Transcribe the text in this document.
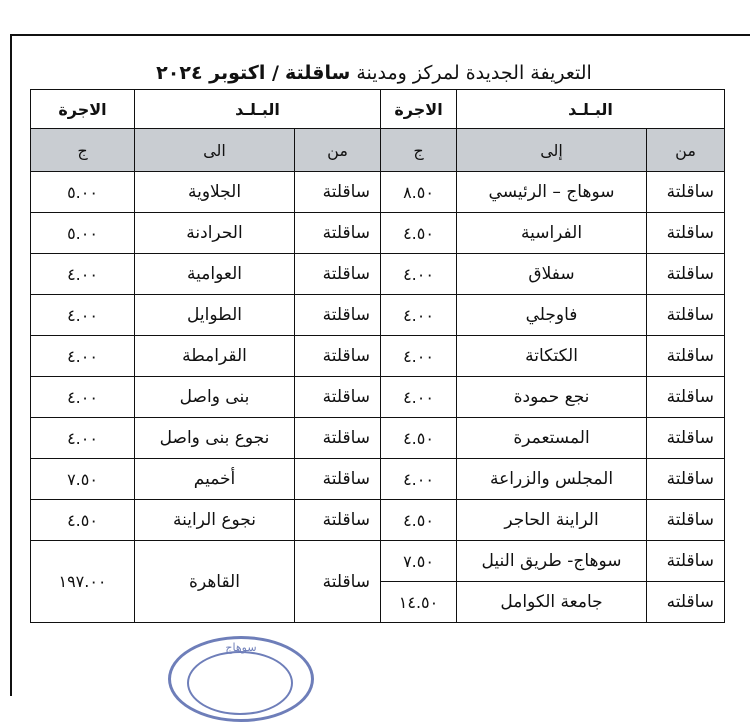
التعريفة الجديدة لمركز ومدينة ساقلتة / اكتوبر ٢٠٢٤
البـلـد		الاجرة	البـلـد		الاجرة
من	إلى	ج	من	الى	ج
ساقلتة	سوهاج – الرئيسي	٨.٥٠	ساقلتة	الجلاوية	٥.٠٠
ساقلتة	الفراسية	٤.٥٠	ساقلتة	الحرادنة	٥.٠٠
ساقلتة	سفلاق	٤.٠٠	ساقلتة	العوامية	٤.٠٠
ساقلتة	فاوجلي	٤.٠٠	ساقلتة	الطوايل	٤.٠٠
ساقلتة	الكتكاتة	٤.٠٠	ساقلتة	القرامطة	٤.٠٠
ساقلتة	نجع حمودة	٤.٠٠	ساقلتة	بنى واصل	٤.٠٠
ساقلتة	المستعمرة	٤.٥٠	ساقلتة	نجوع بنى واصل	٤.٠٠
ساقلتة	المجلس والزراعة	٤.٠٠	ساقلتة	أخميم	٧.٥٠
ساقلتة	الراينة الحاجر	٤.٥٠	ساقلتة	نجوع الراينة	٤.٥٠
ساقلتة	سوهاج- طريق النيل	٧.٥٠	ساقلتة	القاهرة	١٩٧.٠٠
ساقلته	جامعة الكوامل	١٤.٥٠			
سوهاج
